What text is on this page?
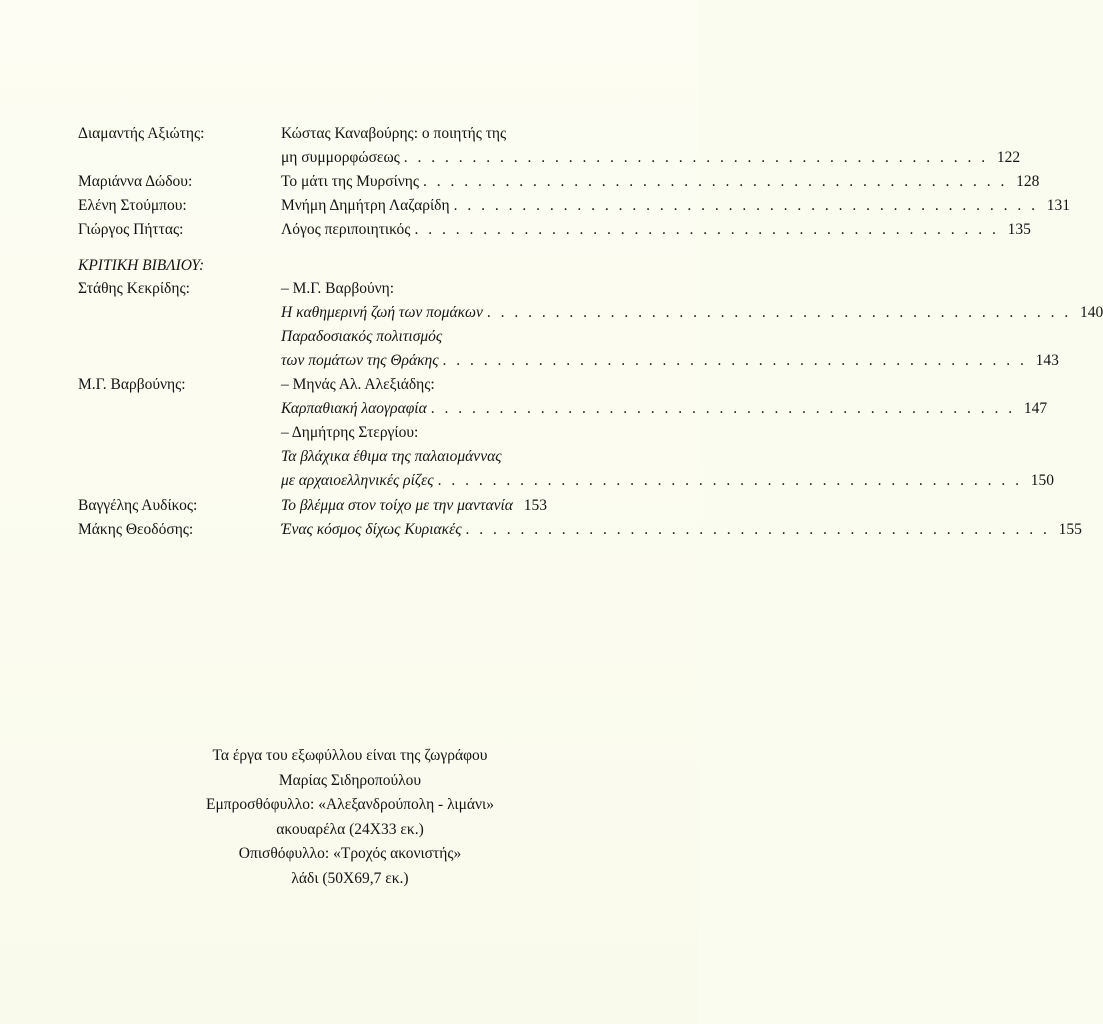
Διαμαντής Αξιώτης:	Κώστας Καναβούρης: ο ποιητής της
μη συμμορφώσεως . . . . . . . . . . . . . . . . . . . . . . . . . . . . . . . . . . . . . . . . . . . 122
Μαριάννα Δώδου:	Το μάτι της Μυρσίνης . . . . . . . . . . . . . . . . . . . . . . . . . . . . . . . . . . . . . . . . . . . 128
Ελένη Στούμπου:	Μνήμη Δημήτρη Λαζαρίδη . . . . . . . . . . . . . . . . . . . . . . . . . . . . . . . . . . . . . . . . . . . 131
Γιώργος Πήττας:	Λόγος περιποιητικός . . . . . . . . . . . . . . . . . . . . . . . . . . . . . . . . . . . . . . . . . . . 135
ΚΡΙΤΙΚΗ ΒΙΒΛΙΟΥ:
Στάθης Κεκρίδης:	– Μ.Γ. Βαρβούνη:
Η καθημερινή ζωή των πομάκων . . . . . . . . . . . . . . . . . . . . . . . . . . . . . . . . . . . . . . . . . . . 140
Παραδοσιακός πολιτισμός
των πομάτων της Θράκης . . . . . . . . . . . . . . . . . . . . . . . . . . . . . . . . . . . . . . . . . . . 143
Μ.Γ. Βαρβούνης:	– Μηνάς Αλ. Αλεξιάδης:
Καρπαθιακή λαογραφία . . . . . . . . . . . . . . . . . . . . . . . . . . . . . . . . . . . . . . . . . . . 147
– Δημήτρης Στεργίου:
Τα βλάχικα έθιμα της παλαιομάννας
με αρχαιοελληνικές ρίζες . . . . . . . . . . . . . . . . . . . . . . . . . . . . . . . . . . . . . . . . . . . 150
Βαγγέλης Αυδίκος:	Το βλέμμα στον τοίχο με την μαντανία 153
Μάκης Θεοδόσης:	Ένας κόσμος δίχως Κυριακές . . . . . . . . . . . . . . . . . . . . . . . . . . . . . . . . . . . . . . . . . . . 155
Τα έργα του εξωφύλλου είναι της ζωγράφου
Μαρίας Σιδηροπούλου
Εμπροσθόφυλλο: «Αλεξανδρούπολη - λιμάνι»
ακουαρέλα (24Χ33 εκ.)
Οπισθόφυλλο: «Τροχός ακονιστής»
λάδι (50Χ69,7 εκ.)
